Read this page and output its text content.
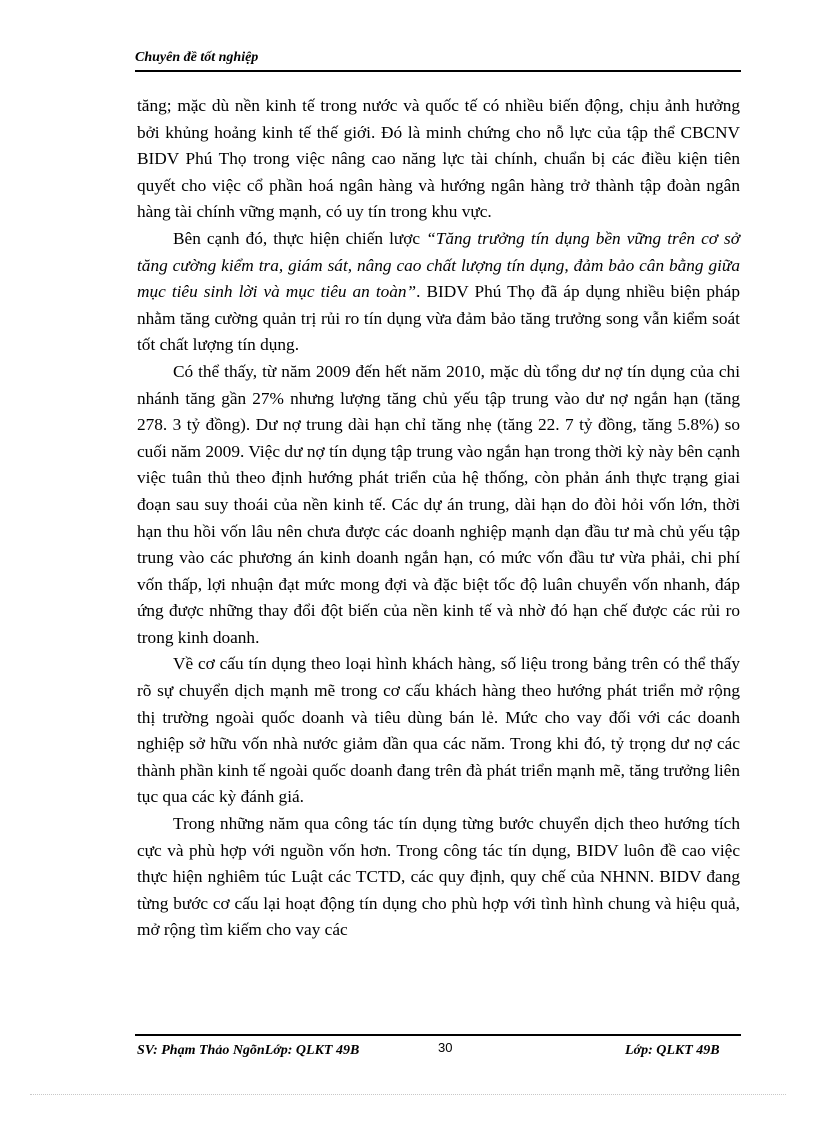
Chuyên đề tốt nghiệp

tăng; mặc dù nền kinh tế trong nước và quốc tế có nhiều biến động, chịu ảnh hưởng bởi khủng hoảng kinh tế thế giới. Đó là minh chứng cho nỗ lực của tập thể CBCNV BIDV Phú Thọ trong việc nâng cao năng lực tài chính, chuẩn bị các điều kiện tiên quyết cho việc cổ phần hoá ngân hàng và hướng ngân hàng trở thành tập đoàn ngân hàng tài chính vững mạnh, có uy tín trong khu vực.

Bên cạnh đó, thực hiện chiến lược “Tăng trưởng tín dụng bền vững trên cơ sở tăng cường kiểm tra, giám sát, nâng cao chất lượng tín dụng, đảm bảo cân bằng giữa mục tiêu sinh lời và mục tiêu an toàn”. BIDV Phú Thọ đã áp dụng nhiều biện pháp nhằm tăng cường quản trị rủi ro tín dụng vừa đảm bảo tăng trưởng song vẫn kiểm soát tốt chất lượng tín dụng.

Có thể thấy, từ năm 2009 đến hết năm 2010, mặc dù tổng dư nợ tín dụng của chi nhánh tăng gần 27% nhưng lượng tăng chủ yếu tập trung vào dư nợ ngắn hạn (tăng 278. 3 tỷ đồng). Dư nợ trung dài hạn chỉ tăng nhẹ (tăng 22. 7 tỷ đồng, tăng 5.8%) so cuối năm 2009. Việc dư nợ tín dụng tập trung vào ngắn hạn trong thời kỳ này bên cạnh việc tuân thủ theo định hướng phát triển của hệ thống, còn phản ánh thực trạng giai đoạn sau suy thoái của nền kinh tế. Các dự án trung, dài hạn do đòi hỏi vốn lớn, thời hạn thu hồi vốn lâu nên chưa được các doanh nghiệp mạnh dạn đầu tư mà chủ yếu tập trung vào các phương án kinh doanh ngắn hạn, có mức vốn đầu tư vừa phải, chi phí vốn thấp, lợi nhuận đạt mức mong đợi và đặc biệt tốc độ luân chuyển vốn nhanh, đáp ứng được những thay đổi đột biến của nền kinh tế và nhờ đó hạn chế được các rủi ro trong kinh doanh.

Về cơ cấu tín dụng theo loại hình khách hàng, số liệu trong bảng trên có thể thấy rõ sự chuyển dịch mạnh mẽ trong cơ cấu khách hàng theo hướng phát triển mở rộng thị trường ngoài quốc doanh và tiêu dùng bán lẻ. Mức cho vay đối với các doanh nghiệp sở hữu vốn nhà nước giảm dần qua các năm. Trong khi đó, tỷ trọng dư nợ các thành phần kinh tế ngoài quốc doanh đang trên đà phát triển mạnh mẽ, tăng trưởng liên tục qua các kỳ đánh giá.

Trong những năm qua công tác tín dụng từng bước chuyển dịch theo hướng tích cực và phù hợp với nguồn vốn hơn. Trong công tác tín dụng, BIDV luôn đề cao việc thực hiện nghiêm túc Luật các TCTD, các quy định, quy chế của NHNN. BIDV đang từng bước cơ cấu lại hoạt động tín dụng cho phù hợp với tình hình chung và hiệu quả, mở rộng tìm kiếm cho vay các

SV: Phạm Thảo NgõnLớp: QLKT 49B	30	Lớp: QLKT 49B
